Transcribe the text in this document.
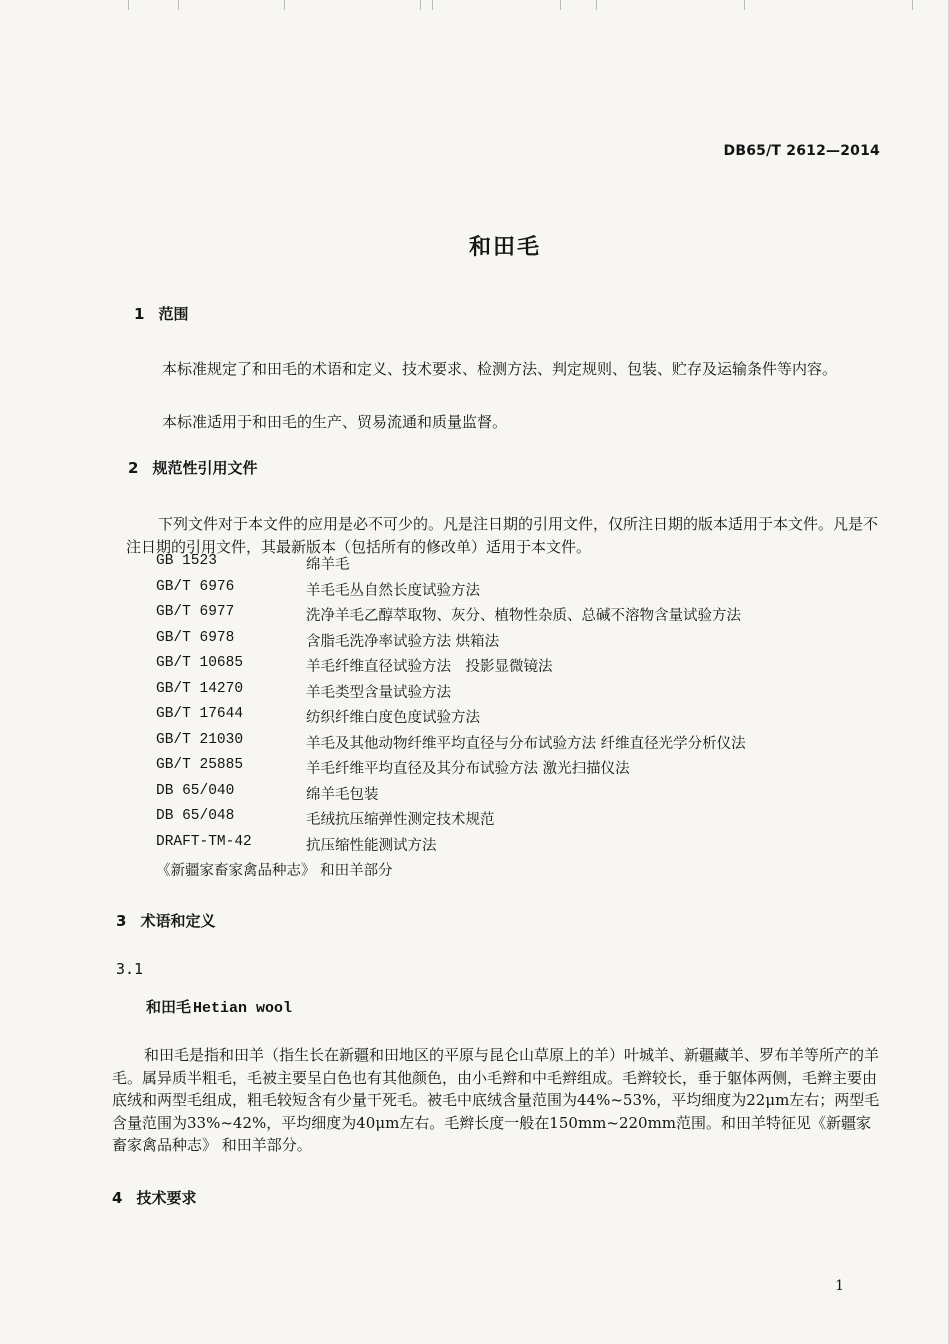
DB65/T 2612—2014
和田毛
1 范围

本标准规定了和田毛的术语和定义、技术要求、检测方法、判定规则、包装、贮存及运输条件等内容。

本标准适用于和田毛的生产、贸易流通和质量监督。

2 规范性引用文件

下列文件对于本文件的应用是必不可少的。凡是注日期的引用文件，仅所注日期的版本适用于本文件。凡是不注日期的引用文件，其最新版本（包括所有的修改单）适用于本文件。

GB 1523	绵羊毛
GB/T 6976	羊毛毛丛自然长度试验方法
GB/T 6977	洗净羊毛乙醇萃取物、灰分、植物性杂质、总碱不溶物含量试验方法
GB/T 6978	含脂毛洗净率试验方法 烘箱法
GB/T 10685	羊毛纤维直径试验方法　投影显微镜法
GB/T 14270	羊毛类型含量试验方法
GB/T 17644	纺织纤维白度色度试验方法
GB/T 21030	羊毛及其他动物纤维平均直径与分布试验方法 纤维直径光学分析仪法
GB/T 25885	羊毛纤维平均直径及其分布试验方法 激光扫描仪法
DB 65/040	绵羊毛包装
DB 65/048	毛绒抗压缩弹性测定技术规范
DRAFT-TM-42	抗压缩性能测试方法
《新疆家畜家禽品种志》 和田羊部分
3 术语和定义
3.1
和田毛 Hetian wool

和田毛是指和田羊（指生长在新疆和田地区的平原与昆仑山草原上的羊）叶城羊、新疆藏羊、罗布羊等所产的羊毛。属异质半粗毛，毛被主要呈白色也有其他颜色，由小毛辫和中毛辫组成。毛辫较长，垂于躯体两侧，毛辫主要由底绒和两型毛组成，粗毛较短含有少量干死毛。被毛中底绒含量范围为44%~53%，平均细度为22μm左右；两型毛含量范围为33%~42%，平均细度为40μm左右。毛辫长度一般在150mm~220mm范围。和田羊特征见《新疆家畜家禽品种志》 和田羊部分。

4 技术要求
1
